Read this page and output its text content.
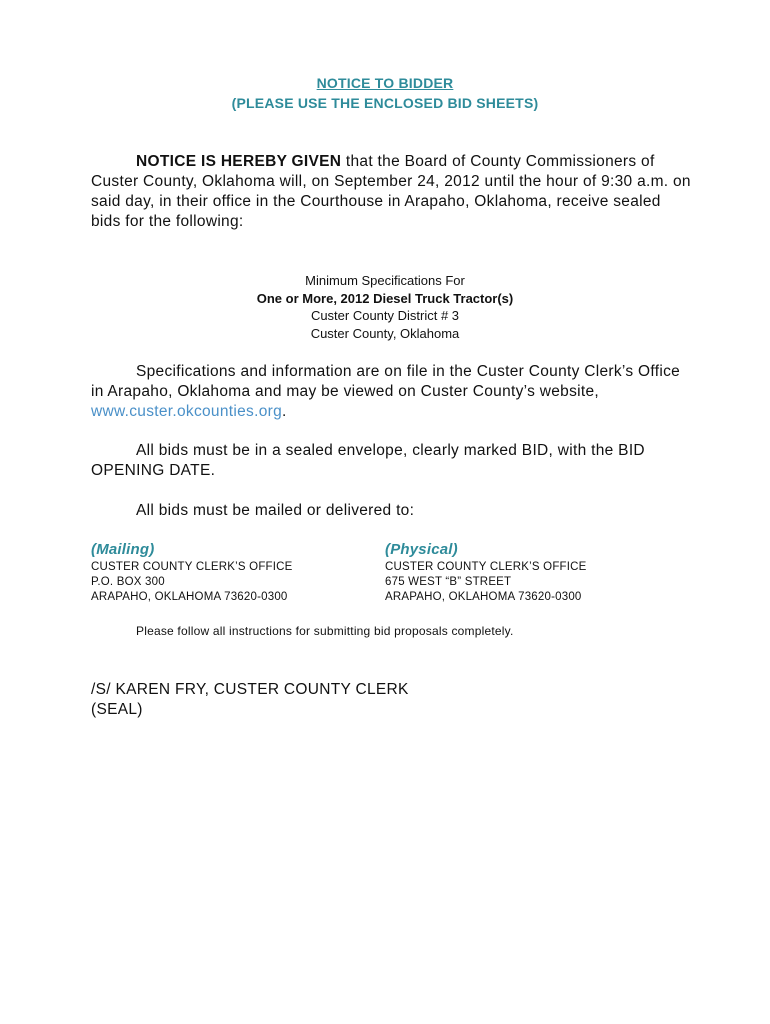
NOTICE TO BIDDER
(PLEASE USE THE ENCLOSED BID SHEETS)
NOTICE IS HEREBY GIVEN that the Board of County Commissioners of Custer County, Oklahoma will, on September 24, 2012 until the hour of 9:30 a.m. on said day, in their office in the Courthouse in Arapaho, Oklahoma, receive sealed bids for the following:
Minimum Specifications For
One or More, 2012 Diesel Truck Tractor(s)
Custer County District # 3
Custer County, Oklahoma
Specifications and information are on file in the Custer County Clerk’s Office in Arapaho, Oklahoma and may be viewed on Custer County’s website, www.custer.okcounties.org.
All bids must be in a sealed envelope, clearly marked BID, with the BID OPENING DATE.
All bids must be mailed or delivered to:
(Mailing)
CUSTER COUNTY CLERK’S OFFICE
P.O. BOX 300
ARAPAHO, OKLAHOMA 73620-0300
(Physical)
CUSTER COUNTY CLERK’S OFFICE
675 WEST “B” STREET
ARAPAHO, OKLAHOMA 73620-0300
Please follow all instructions for submitting bid proposals completely.
/S/ KAREN FRY, CUSTER COUNTY CLERK
(SEAL)
